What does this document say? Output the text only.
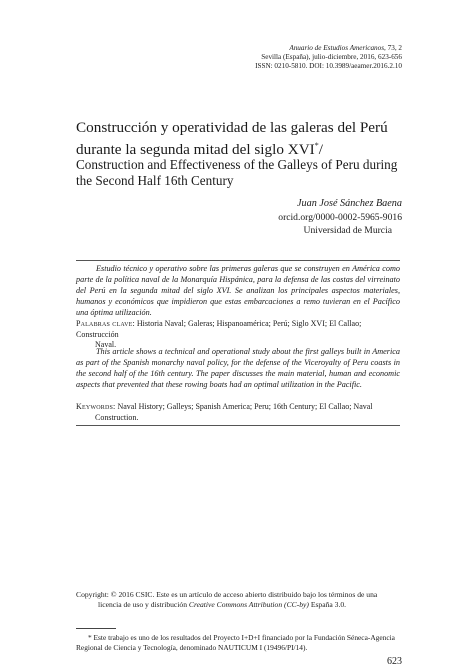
Anuario de Estudios Americanos, 73, 2
Sevilla (España), julio-diciembre, 2016, 623-656
ISSN: 0210-5810. DOI: 10.3989/aeamer.2016.2.10
Construcción y operatividad de las galeras del Perú durante la segunda mitad del siglo XVI*/
Construction and Effectiveness of the Galleys of Peru during the Second Half 16th Century
Juan José Sánchez Baena
orcid.org/0000-0002-5965-9016
Universidad de Murcia

Estudio técnico y operativo sobre las primeras galeras que se construyen en América como parte de la política naval de la Monarquía Hispánica, para la defensa de las costas del virreinato del Perú en la segunda mitad del siglo XVI. Se analizan los principales aspectos materiales, humanos y económicos que impidieron que estas embarcaciones a remo tuvieran en el Pacífico una óptima utilización.

Palabras clave: Historia Naval; Galeras; Hispanoamérica; Perú; Siglo XVI; El Callao; Construcción
Naval.

This article shows a technical and operational study about the first galleys built in America as part of the Spanish monarchy naval policy, for the defense of the Viceroyalty of Peru coasts in the second half of the 16th century. The paper discusses the main material, human and economic aspects that prevented that these rowing boats had an optimal utilization in the Pacific.

Keywords: Naval History; Galleys; Spanish America; Peru; 16th Century; El Callao; Naval
Construction.

Copyright: © 2016 CSIC. Este es un artículo de acceso abierto distribuido bajo los términos de una
licencia de uso y distribución Creative Commons Attribution (CC-by) España 3.0.

* Este trabajo es uno de los resultados del Proyecto I+D+I financiado por la Fundación Séneca-Agencia Regional de Ciencia y Tecnología, denominado NAUTICUM I (19496/PI/14).

623
